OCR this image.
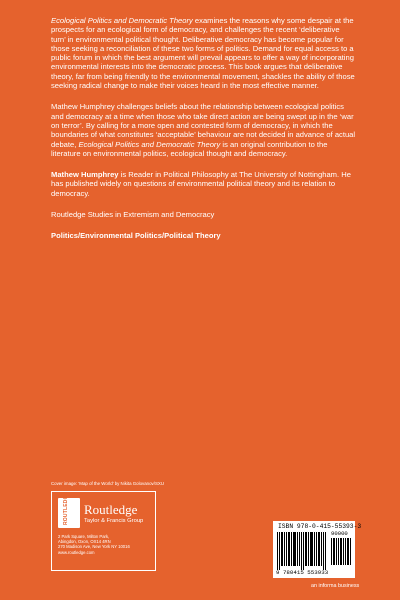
Ecological Politics and Democratic Theory examines the reasons why some despair at the prospects for an ecological form of democracy, and challenges the recent ‘deliberative turn’ in environmental political thought. Deliberative democracy has become popular for those seeking a reconciliation of these two forms of politics. Demand for equal access to a public forum in which the best argument will prevail appears to offer a way of incorporating environmental interests into the democratic process. This book argues that deliberative theory, far from being friendly to the environmental movement, shackles the ability of those seeking radical change to make their voices heard in the most effective manner.

Mathew Humphrey challenges beliefs about the relationship between ecological politics and democracy at a time when those who take direct action are being swept up in the ‘war on terror’. By calling for a more open and contested form of democracy, in which the boundaries of what constitutes ‘acceptable’ behaviour are not decided in advance of actual debate, Ecological Politics and Democratic Theory is an original contribution to the literature on environmental politics, ecological thought and democracy.

Mathew Humphrey is Reader in Political Philosophy at The University of Nottingham. He has published widely on questions of environmental political theory and its relation to democracy.

Routledge Studies in Extremism and Democracy

Politics/Environmental Politics/Political Theory

Cover image: ‘Map of the World’ by Nikita Golovanov/SXU
ROUTLEDGE Routledge
Taylor & Francis Group
2 Park Square, Milton Park,
Abingdon, Oxon, OX14 4RN
270 Madison Ave, New York NY 10016
www.routledge.com
ISBN 978-0-415-55393-3
90000
9 780415 553933
an informa business
